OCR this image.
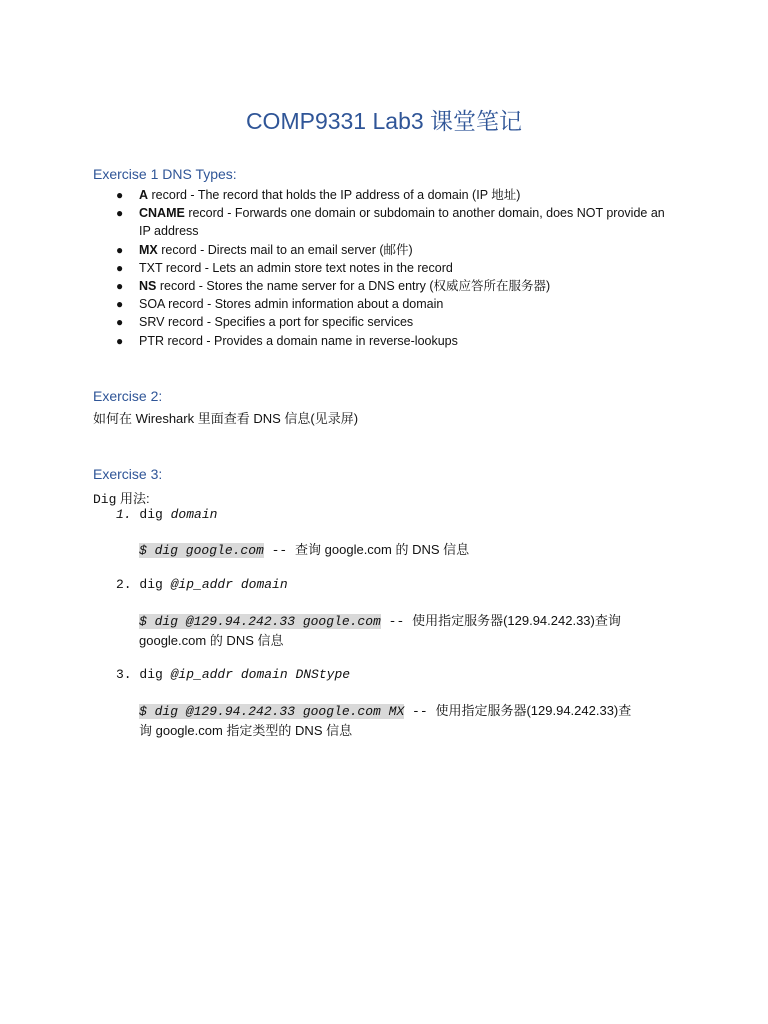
COMP9331 Lab3 课堂笔记
Exercise 1 DNS Types:
● A record - The record that holds the IP address of a domain (IP 地址)
● CNAME record - Forwards one domain or subdomain to another domain, does NOT provide an IP address
● MX record - Directs mail to an email server (邮件)
● TXT record - Lets an admin store text notes in the record
● NS record - Stores the name server for a DNS entry (权威应答所在服务器)
● SOA record - Stores admin information about a domain
● SRV record - Specifies a port for specific services
● PTR record - Provides a domain name in reverse-lookups
Exercise 2:
如何在 Wireshark 里面查看 DNS 信息(见录屏)
Exercise 3:
Dig 用法:
1. dig domain
$ dig google.com -- 查询 google.com 的 DNS 信息
2. dig @ip_addr domain
$ dig @129.94.242.33 google.com -- 使用指定服务器(129.94.242.33)查询
google.com 的 DNS 信息
3. dig @ip_addr domain DNStype
$ dig @129.94.242.33 google.com MX -- 使用指定服务器(129.94.242.33)查
询 google.com 指定类型的 DNS 信息
